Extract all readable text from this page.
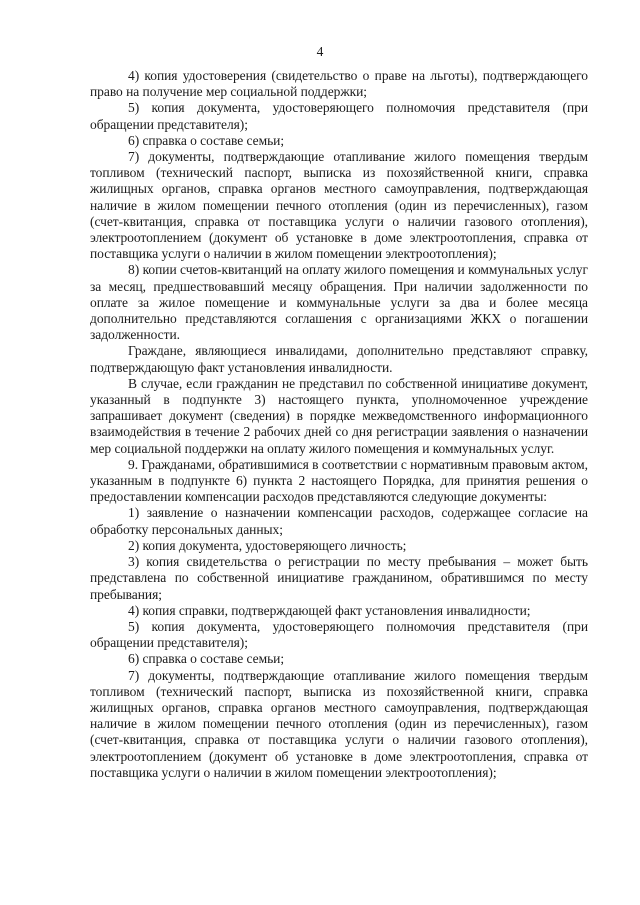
4

4) копия удостоверения (свидетельство о праве на льготы), подтверждающего право на получение мер социальной поддержки;

5) копия документа, удостоверяющего полномочия представителя (при обращении представителя);

6) справка о составе семьи;

7) документы, подтверждающие отапливание жилого помещения твердым топливом (технический паспорт, выписка из похозяйственной книги, справка жилищных органов, справка органов местного самоуправления, подтверждающая наличие в жилом помещении печного отопления (один из перечисленных), газом (счет-квитанция, справка от поставщика услуги о наличии газового отопления), электроотоплением (документ об установке в доме электроотопления, справка от поставщика услуги о наличии в жилом помещении электроотопления);

8) копии счетов-квитанций на оплату жилого помещения и коммунальных услуг за месяц, предшествовавший месяцу обращения. При наличии задолженности по оплате за жилое помещение и коммунальные услуги за два и более месяца дополнительно представляются соглашения с организациями ЖКХ о погашении задолженности.

Граждане, являющиеся инвалидами, дополнительно представляют справку, подтверждающую факт установления инвалидности.

В случае, если гражданин не представил по собственной инициативе документ, указанный в подпункте 3) настоящего пункта, уполномоченное учреждение запрашивает документ (сведения) в порядке межведомственного информационного взаимодействия в течение 2 рабочих дней со дня регистрации заявления о назначении мер социальной поддержки на оплату жилого помещения и коммунальных услуг.

9. Гражданами, обратившимися в соответствии с нормативным правовым актом, указанным в подпункте 6) пункта 2 настоящего Порядка, для принятия решения о предоставлении компенсации расходов представляются следующие документы:

1) заявление о назначении компенсации расходов, содержащее согласие на обработку персональных данных;

2) копия документа, удостоверяющего личность;

3) копия свидетельства о регистрации по месту пребывания – может быть представлена по собственной инициативе гражданином, обратившимся по месту пребывания;

4) копия справки, подтверждающей факт установления инвалидности;

5) копия документа, удостоверяющего полномочия представителя (при обращении представителя);

6) справка о составе семьи;

7) документы, подтверждающие отапливание жилого помещения твердым топливом (технический паспорт, выписка из похозяйственной книги, справка жилищных органов, справка органов местного самоуправления, подтверждающая наличие в жилом помещении печного отопления (один из перечисленных), газом (счет-квитанция, справка от поставщика услуги о наличии газового отопления), электроотоплением (документ об установке в доме электроотопления, справка от поставщика услуги о наличии в жилом помещении электроотопления);
